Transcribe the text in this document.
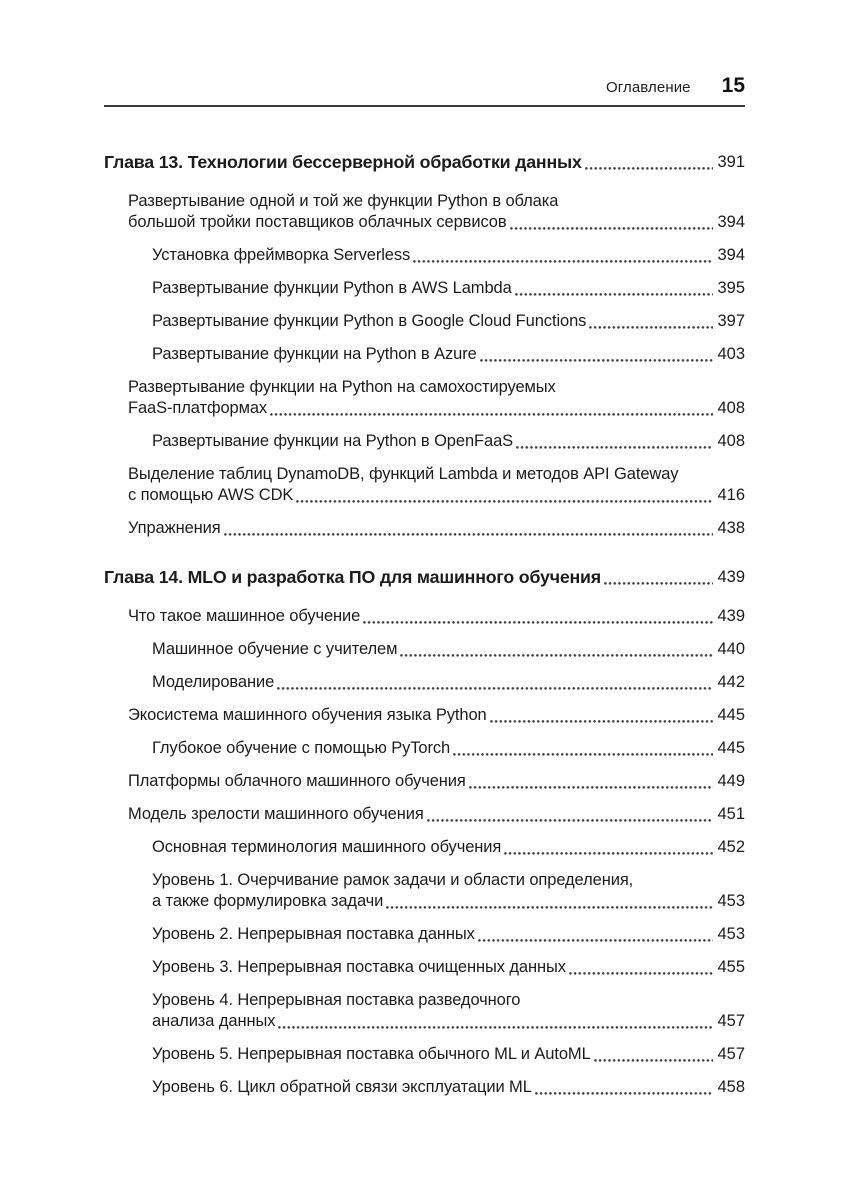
Оглавление 15
Глава 13. Технологии бессерверной обработки данных	391
Развертывание одной и той же функции Python в облака
большой тройки поставщиков облачных сервисов	394
Установка фреймворка Serverless	394
Развертывание функции Python в AWS Lambda	395
Развертывание функции Python в Google Cloud Functions	397
Развертывание функции на Python в Azure	403
Развертывание функции на Python на самохостируемых
FaaS-платформах	408
Развертывание функции на Python в OpenFaaS	408
Выделение таблиц DynamoDB, функций Lambda и методов API Gateway
с помощью AWS CDK	416
Упражнения	438
Глава 14. MLO и разработка ПО для машинного обучения	439
Что такое машинное обучение	439
Машинное обучение с учителем	440
Моделирование	442
Экосистема машинного обучения языка Python	445
Глубокое обучение с помощью PyTorch	445
Платформы облачного машинного обучения	449
Модель зрелости машинного обучения	451
Основная терминология машинного обучения	452
Уровень 1. Очерчивание рамок задачи и области определения,
а также формулировка задачи	453
Уровень 2. Непрерывная поставка данных	453
Уровень 3. Непрерывная поставка очищенных данных	455
Уровень 4. Непрерывная поставка разведочного
анализа данных	457
Уровень 5. Непрерывная поставка обычного ML и AutoML	457
Уровень 6. Цикл обратной связи эксплуатации ML	458
